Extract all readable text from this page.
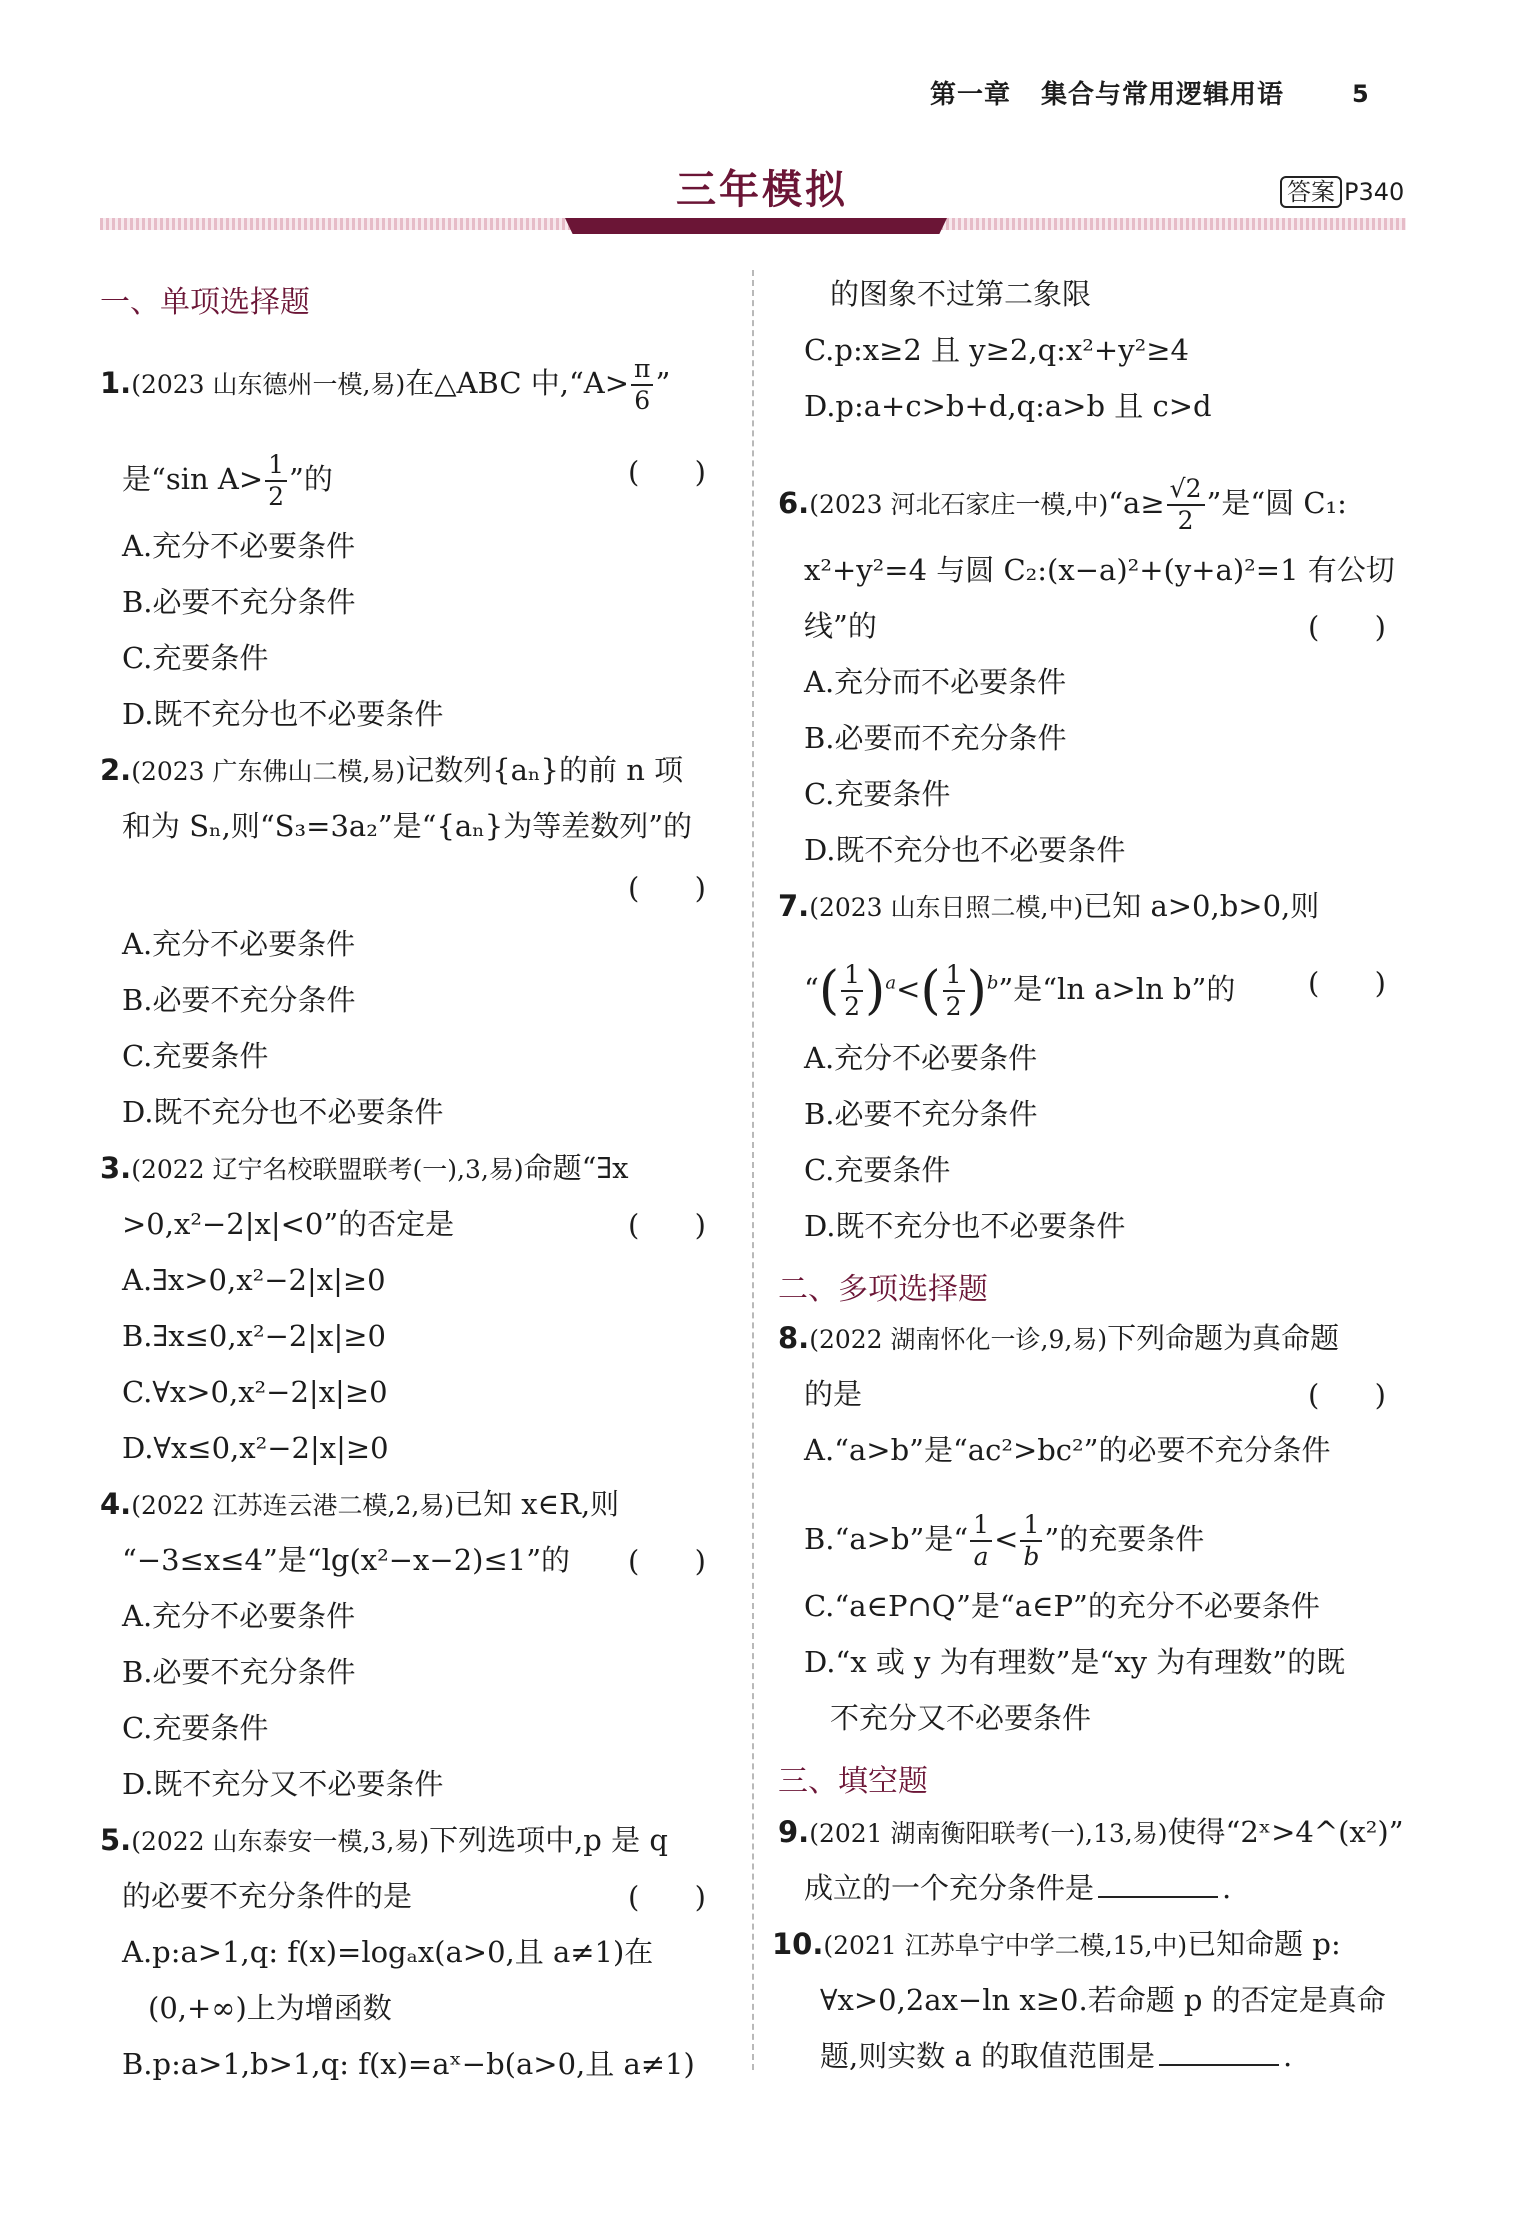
第一章 集合与常用逻辑用语	5
三年模拟	答案 P340
一、单项选择题
1.(2023 山东德州一模,易)在△ABC 中,“A> $\frac{\pi}{6}$ ”
是“sin $A> \frac{1}{2}$ ”的	(      )
A.充分不必要条件
B.必要不充分条件
C.充要条件
D.既不充分也不必要条件
2.(2023 广东佛山二模,易)记数列{aₙ}的前 n 项
和为 Sₙ,则“S₃=3a₂”是“{aₙ}为等差数列”的
(      )
A.充分不必要条件
B.必要不充分条件
C.充要条件
D.既不充分也不必要条件
3.(2022 辽宁名校联盟联考(一),3,易)命题“∃x
>0,x²−2|x|<0”的否定是	(      )
A.∃x>0,x²−2|x|≥0
B.∃x≤0,x²−2|x|≥0
C.∀x>0,x²−2|x|≥0
D.∀x≤0,x²−2|x|≥0
4.(2022 江苏连云港二模,2,易)已知 x∈R,则
“−3≤x≤4”是“lg(x²−x−2)≤1”的 (      )
A.充分不必要条件
B.必要不充分条件
C.充要条件
D.既不充分又不必要条件
5.(2022 山东泰安一模,3,易)下列选项中,p 是 q
的必要不充分条件的是	(      )
A.p:a>1,q: f(x)=logₐx(a>0,且 a≠1)在
(0,+∞)上为增函数
B.p:a>1,b>1,q: f(x)=aˣ−b(a>0,且 a≠1)
的图象不过第二象限
C.p:x≥2 且 y≥2,q:x²+y²≥4
D.p:a+c>b+d,q:a>b 且 c>d
6.(2023 河北石家庄一模,中)“a≥ $\frac{√2}{2}$ ”是“圆 C₁:
x²+y²=4 与圆 C₂:(x−a)²+(y+a)²=1 有公切
线”的	(      )
A.充分而不必要条件
B.必要而不充分条件
C.充要条件
D.既不充分也不必要条件
7.(2023 山东日照二模,中)已知 a>0,b>0,则
“( $\frac{1}{2} )^a<( \frac{1}{2} )^b$”是“ln a>ln b”的	(      )
A.充分不必要条件
B.必要不充分条件
C.充要条件
D.既不充分也不必要条件
二、多项选择题
8.(2022 湖南怀化一诊,9,易)下列命题为真命题
的是	(      )
A.“a>b”是“ac²>bc²”的必要不充分条件
B.“a>b”是“ $\frac{1}{a} < \frac{1}{b}$ ”的充要条件
C.“a∈P∩Q”是“a∈P”的充分不必要条件
D.“x 或 y 为有理数”是“xy 为有理数”的既
不充分又不必要条件
三、填空题
9.(2021 湖南衡阳联考(一),13,易)使得“2ˣ>4^(x²)”
成立的一个充分条件是	.
10.(2021 江苏阜宁中学二模,15,中)已知命题 p:
∀x>0,2ax−ln x≥0.若命题 p 的否定是真命
题,则实数 a 的取值范围是	.
